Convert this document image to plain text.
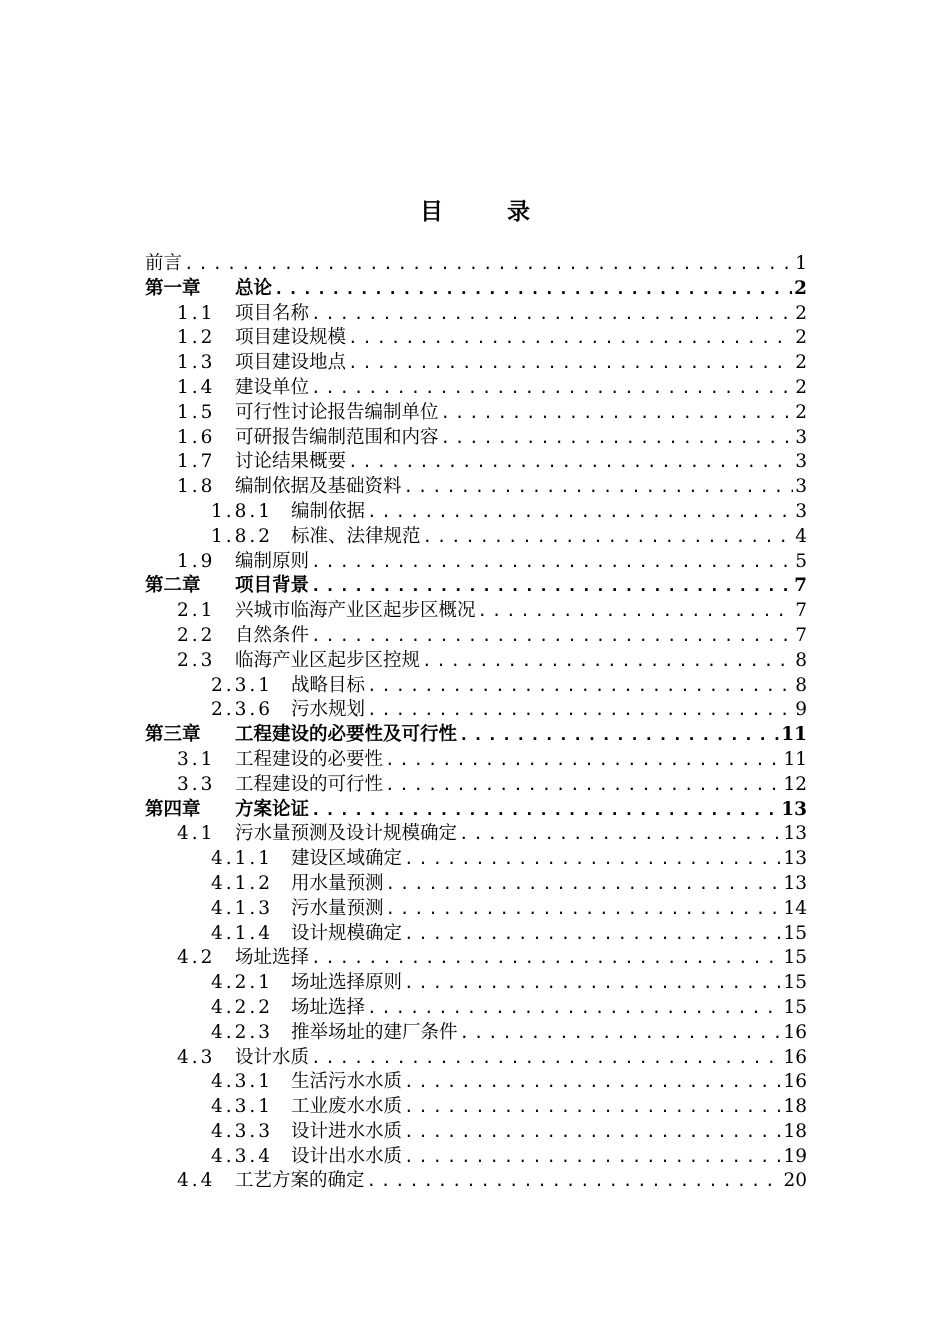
目 录
前言 .....	1
第一章	总论 .....	2
1.1	项目名称 .....	2
1.2	项目建设规模 .....	2
1.3	项目建设地点 .....	2
1.4	建设单位 .....	2
1.5	可行性讨论报告编制单位 .....	2
1.6	可研报告编制范围和内容 .....	3
1.7	讨论结果概要 .....	3
1.8	编制依据及基础资料 .....	3
1.8.1 编制依据 .....	3
1.8.2 标准、法律规范 .....	4
1.9	编制原则 .....	5
第二章	项目背景 .....	7
2.1	兴城市临海产业区起步区概况 .....	7
2.2	自然条件 .....	7
2.3	临海产业区起步区控规 .....	8
2.3.1 战略目标 .....	8
2.3.6 污水规划 .....	9
第三章	工程建设的必要性及可行性 .....	11
3.1	工程建设的必要性 .....	11
3.3	工程建设的可行性 .....	12
第四章	方案论证 .....	13
4.1	污水量预测及设计规模确定 .....	13
4.1.1 建设区域确定 .....	13
4.1.2 用水量预测 .....	13
4.1.3 污水量预测 .....	14
4.1.4 设计规模确定 .....	15
4.2	场址选择 .....	15
4.2.1 场址选择原则 .....	15
4.2.2 场址选择 .....	15
4.2.3 推举场址的建厂条件 .....	16
4.3	设计水质 .....	16
4.3.1 生活污水水质 .....	16
4.3.1 工业废水水质 .....	18
4.3.3 设计进水水质 .....	18
4.3.4 设计出水水质 .....	19
4.4	工艺方案的确定 .....	20
